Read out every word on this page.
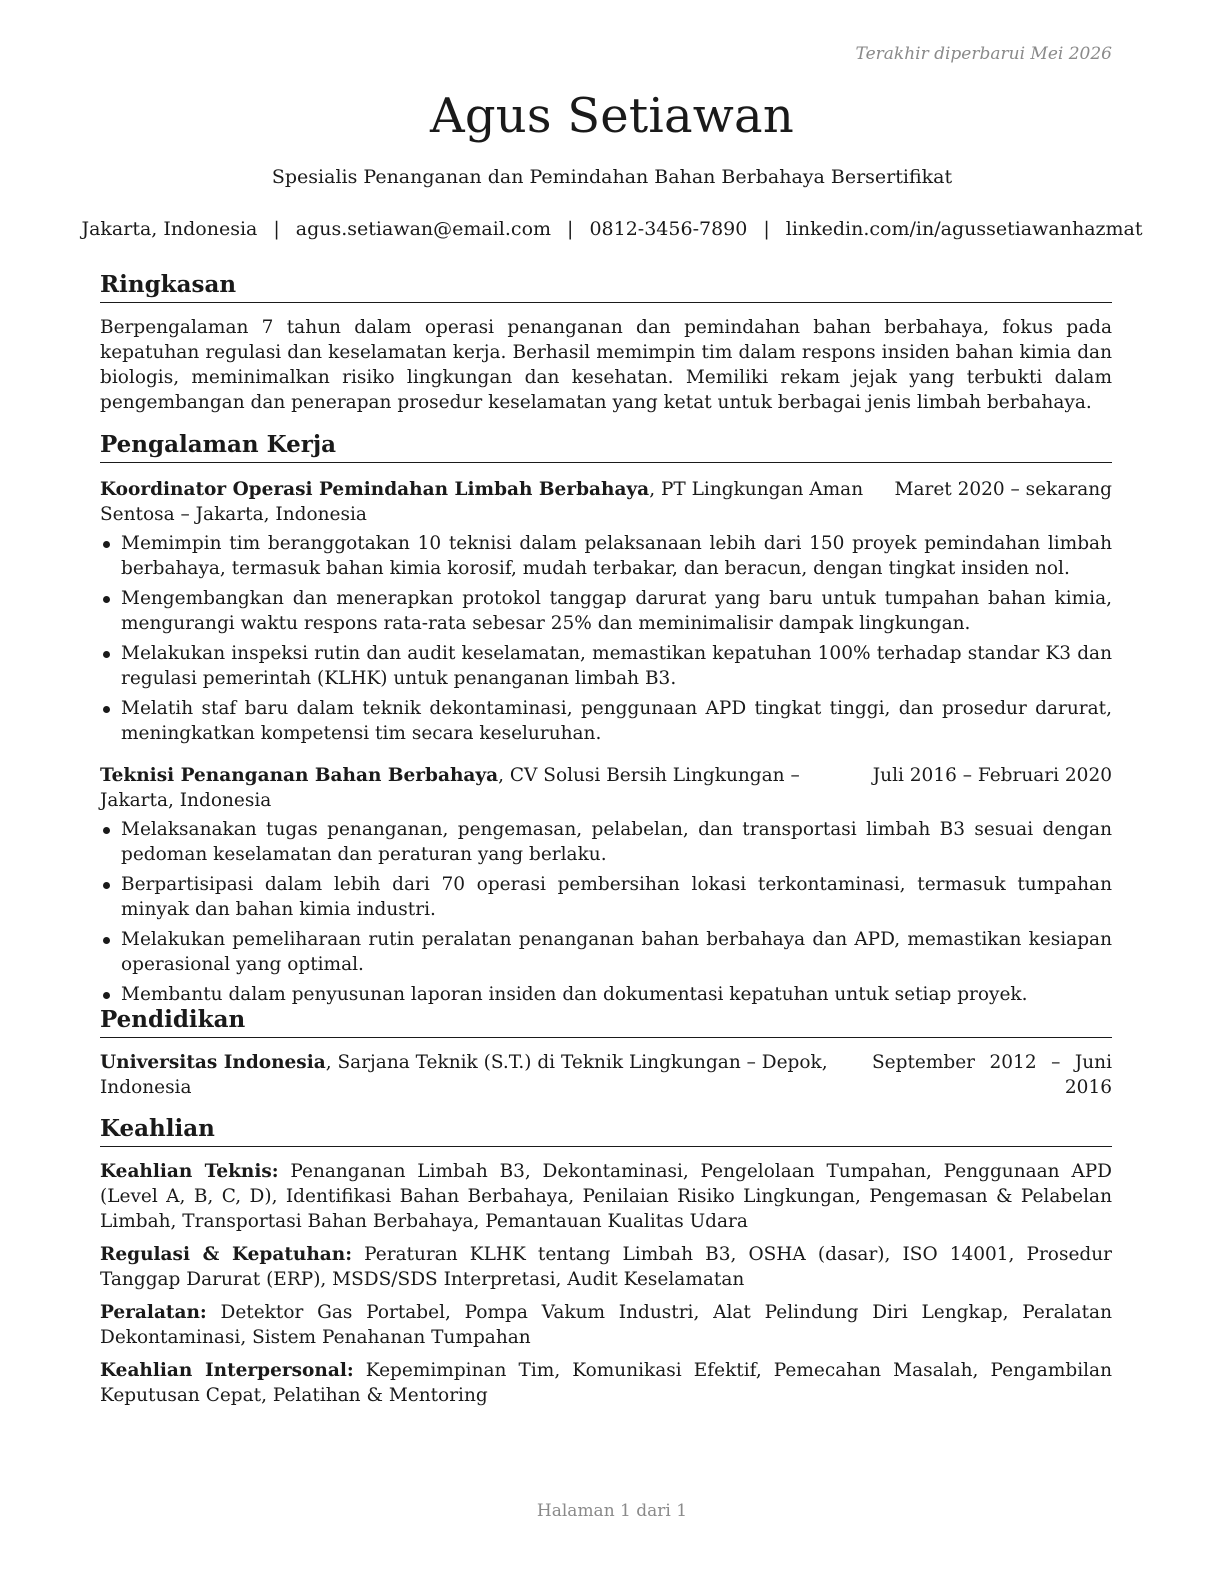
Terakhir diperbarui Mei 2026
Agus Setiawan

Spesialis Penanganan dan Pemindahan Bahan Berbahaya Bersertifikat

Jakarta, Indonesia | agus.setiawan@email.com | 0812-3456-7890 | linkedin.com/in/agussetiawanhazmat

Ringkasan

Berpengalaman 7 tahun dalam operasi penanganan dan pemindahan bahan berbahaya, fokus pada kepatuhan regulasi dan keselamatan kerja. Berhasil memimpin tim dalam respons insiden bahan kimia dan biologis, meminimalkan risiko lingkungan dan kesehatan. Memiliki rekam jejak yang terbukti dalam pengembangan dan penerapan prosedur keselamatan yang ketat untuk berbagai jenis limbah berbahaya.

Pengalaman Kerja
Koordinator Operasi Pemindahan Limbah Berbahaya, PT Lingkungan Aman Sentosa – Jakarta, Indonesia
Maret 2020 – sekarang
Memimpin tim beranggotakan 10 teknisi dalam pelaksanaan lebih dari 150 proyek pemindahan limbah berbahaya, termasuk bahan kimia korosif, mudah terbakar, dan beracun, dengan tingkat insiden nol.
Mengembangkan dan menerapkan protokol tanggap darurat yang baru untuk tumpahan bahan kimia, mengurangi waktu respons rata-rata sebesar 25% dan meminimalisir dampak lingkungan.
Melakukan inspeksi rutin dan audit keselamatan, memastikan kepatuhan 100% terhadap standar K3 dan regulasi pemerintah (KLHK) untuk penanganan limbah B3.
Melatih staf baru dalam teknik dekontaminasi, penggunaan APD tingkat tinggi, dan prosedur darurat, meningkatkan kompetensi tim secara keseluruhan.
Teknisi Penanganan Bahan Berbahaya, CV Solusi Bersih Lingkungan – Jakarta, Indonesia
Juli 2016 – Februari 2020
Melaksanakan tugas penanganan, pengemasan, pelabelan, dan transportasi limbah B3 sesuai dengan pedoman keselamatan dan peraturan yang berlaku.
Berpartisipasi dalam lebih dari 70 operasi pembersihan lokasi terkontaminasi, termasuk tumpahan minyak dan bahan kimia industri.
Melakukan pemeliharaan rutin peralatan penanganan bahan berbahaya dan APD, memastikan kesiapan operasional yang optimal.
Membantu dalam penyusunan laporan insiden dan dokumentasi kepatuhan untuk setiap proyek.
Pendidikan
Universitas Indonesia, Sarjana Teknik (S.T.) di Teknik Lingkungan – Depok, Indonesia
September 2012 – Juni 2016
Keahlian

Keahlian Teknis: Penanganan Limbah B3, Dekontaminasi, Pengelolaan Tumpahan, Penggunaan APD (Level A, B, C, D), Identifikasi Bahan Berbahaya, Penilaian Risiko Lingkungan, Pengemasan & Pelabelan Limbah, Transportasi Bahan Berbahaya, Pemantauan Kualitas Udara

Regulasi & Kepatuhan: Peraturan KLHK tentang Limbah B3, OSHA (dasar), ISO 14001, Prosedur Tanggap Darurat (ERP), MSDS/SDS Interpretasi, Audit Keselamatan

Peralatan: Detektor Gas Portabel, Pompa Vakum Industri, Alat Pelindung Diri Lengkap, Peralatan Dekontaminasi, Sistem Penahanan Tumpahan

Keahlian Interpersonal: Kepemimpinan Tim, Komunikasi Efektif, Pemecahan Masalah, Pengambilan Keputusan Cepat, Pelatihan & Mentoring

Halaman 1 dari 1
